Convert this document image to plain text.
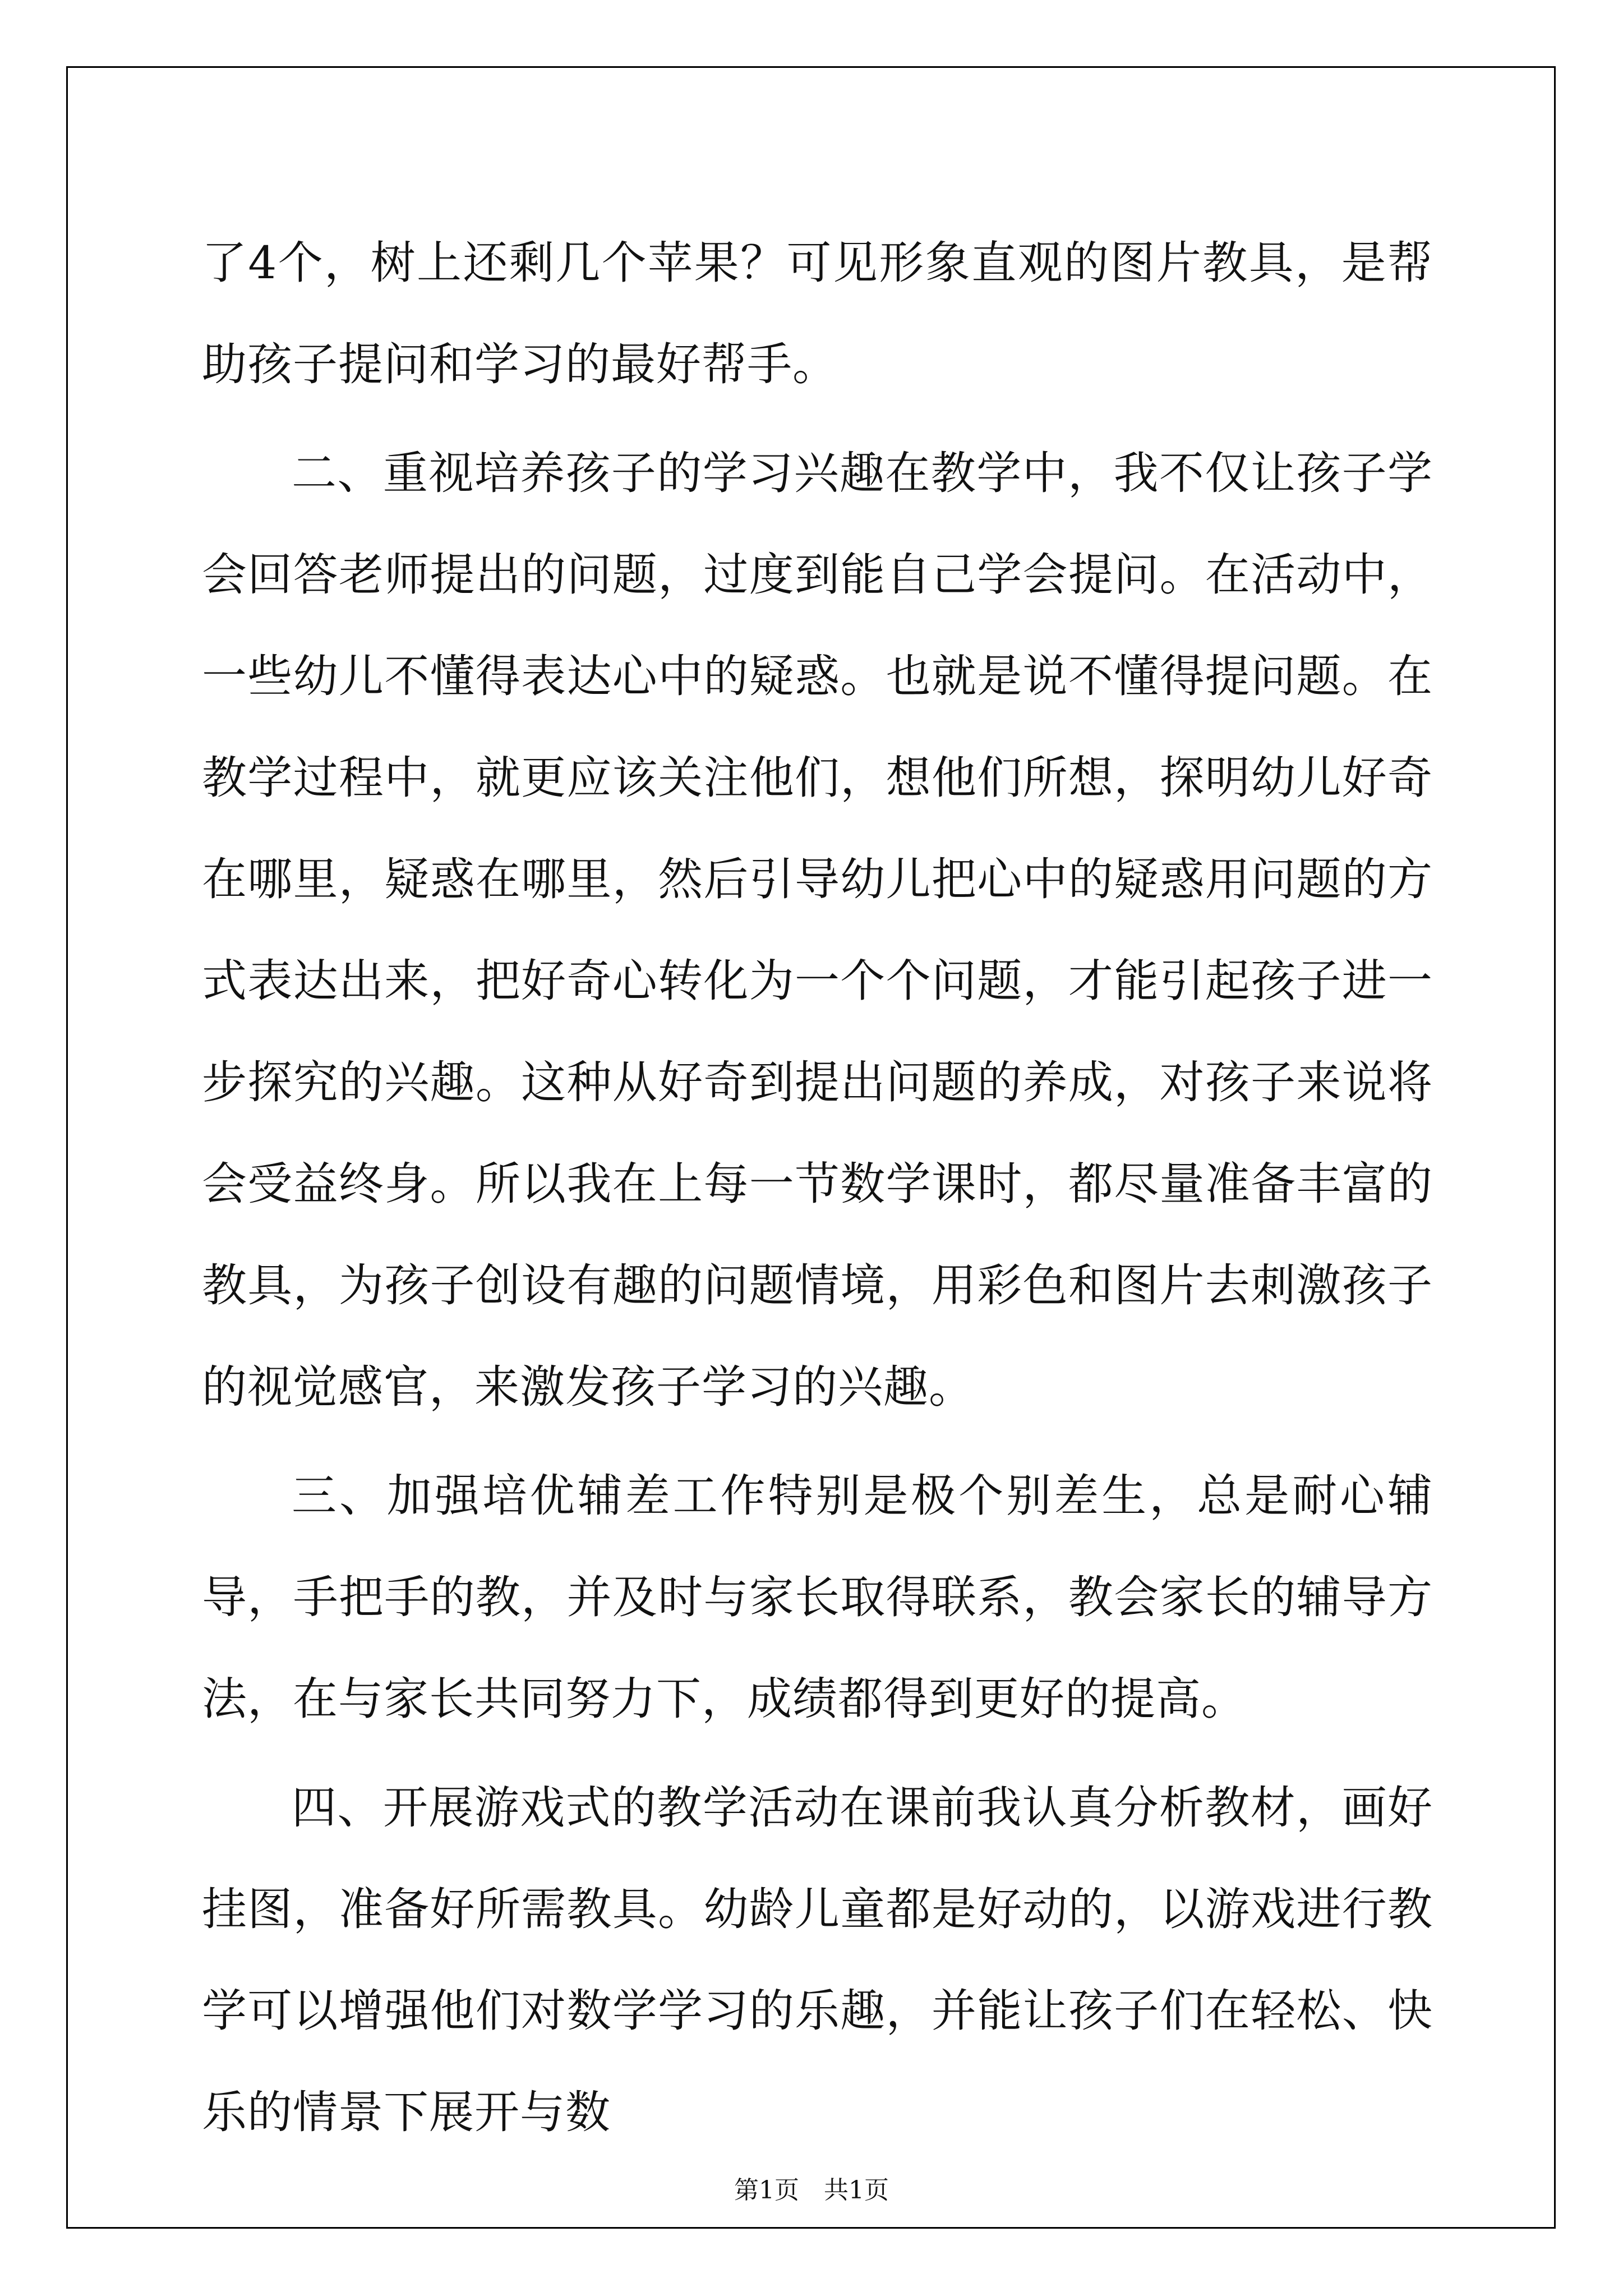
了4个，树上还剩几个苹果？可见形象直观的图片教具，是帮助孩子提问和学习的最好帮手。

二、重视培养孩子的学习兴趣在教学中，我不仅让孩子学会回答老师提出的问题，过度到能自己学会提问。在活动中，一些幼儿不懂得表达心中的疑惑。也就是说不懂得提问题。在教学过程中，就更应该关注他们，想他们所想，探明幼儿好奇在哪里，疑惑在哪里，然后引导幼儿把心中的疑惑用问题的方式表达出来，把好奇心转化为一个个问题，才能引起孩子进一步探究的兴趣。这种从好奇到提出问题的养成，对孩子来说将会受益终身。所以我在上每一节数学课时，都尽量准备丰富的教具，为孩子创设有趣的问题情境，用彩色和图片去刺激孩子的视觉感官，来激发孩子学习的兴趣。

三、加强培优辅差工作特别是极个别差生，总是耐心辅导，手把手的教，并及时与家长取得联系，教会家长的辅导方法，在与家长共同努力下，成绩都得到更好的提高。

四、开展游戏式的教学活动在课前我认真分析教材，画好挂图，准备好所需教具。幼龄儿童都是好动的，以游戏进行教学可以增强他们对数学学习的乐趣，并能让孩子们在轻松、快乐的情景下展开与数

第1页　共1页
